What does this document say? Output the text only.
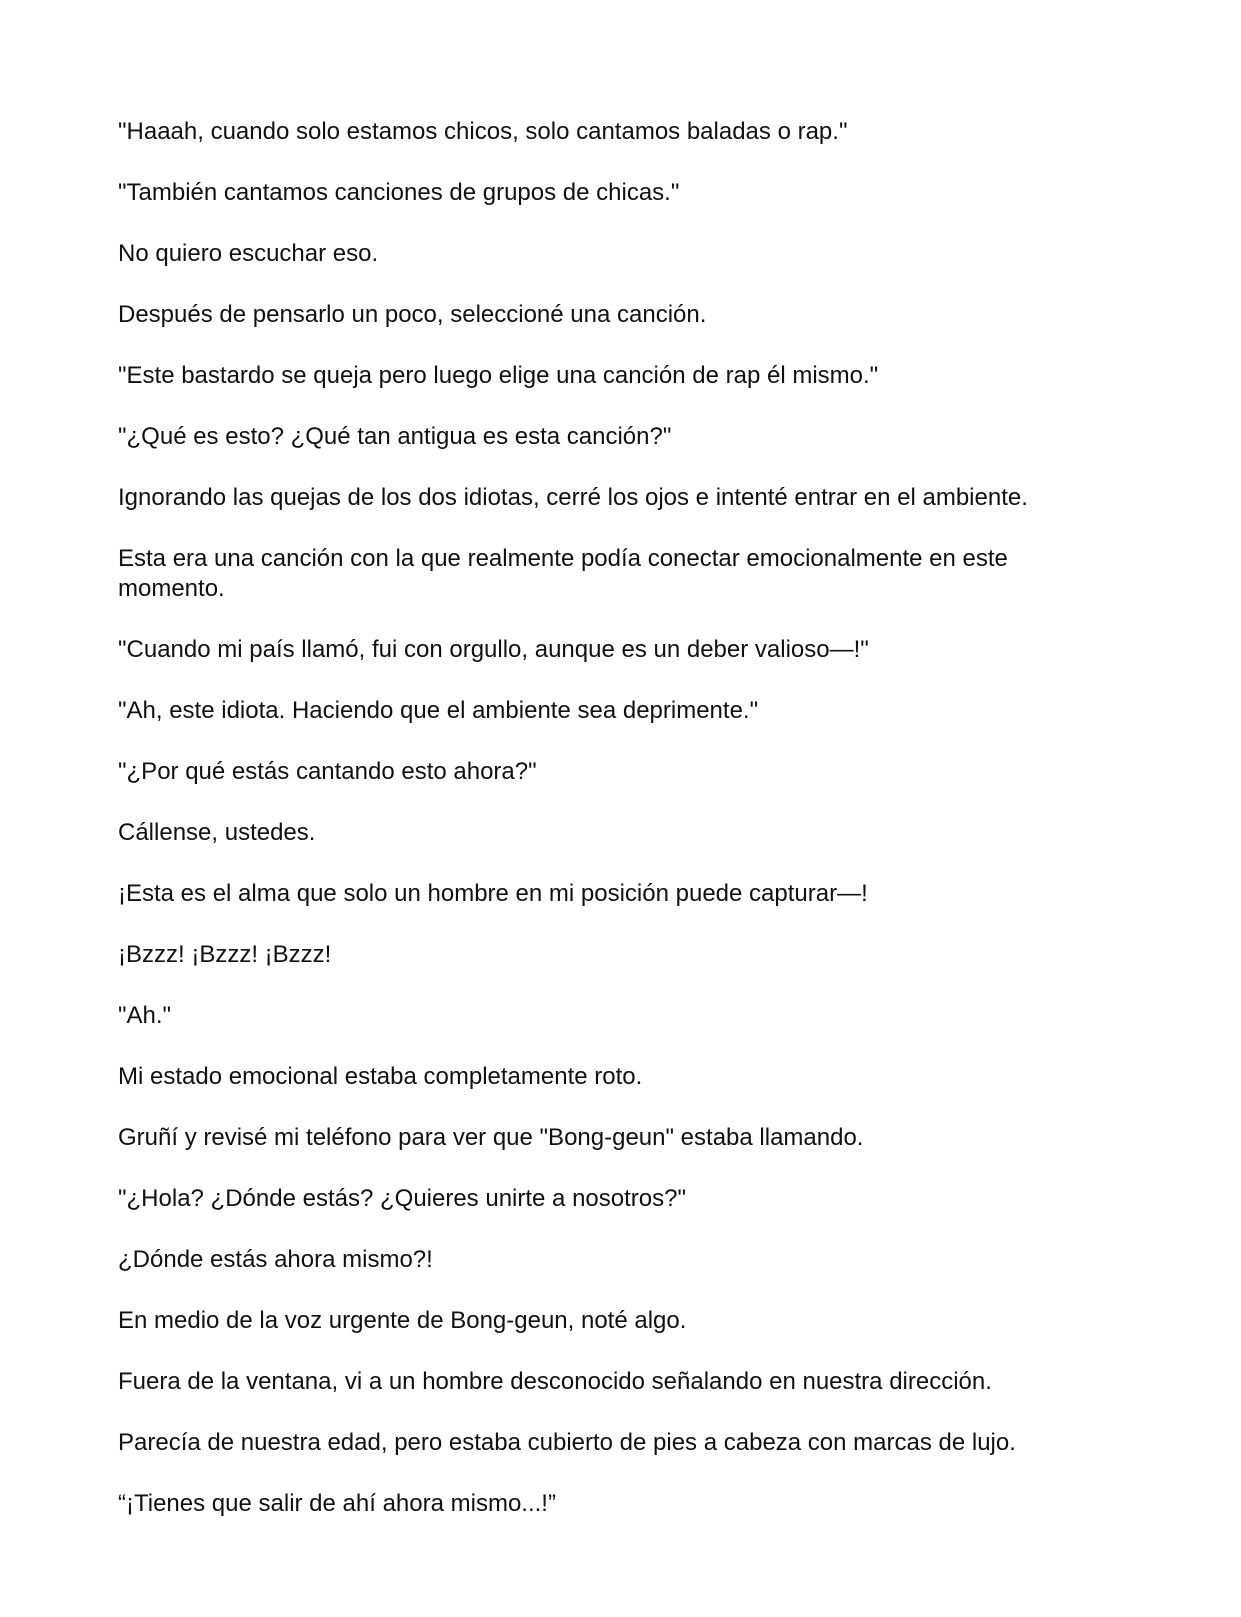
"Haaah, cuando solo estamos chicos, solo cantamos baladas o rap."

"También cantamos canciones de grupos de chicas."

No quiero escuchar eso.

Después de pensarlo un poco, seleccioné una canción.

"Este bastardo se queja pero luego elige una canción de rap él mismo."

"¿Qué es esto? ¿Qué tan antigua es esta canción?"

Ignorando las quejas de los dos idiotas, cerré los ojos e intenté entrar en el ambiente.

Esta era una canción con la que realmente podía conectar emocionalmente en este momento.

"Cuando mi país llamó, fui con orgullo, aunque es un deber valioso—!"

"Ah, este idiota. Haciendo que el ambiente sea deprimente."

"¿Por qué estás cantando esto ahora?"

Cállense, ustedes.

¡Esta es el alma que solo un hombre en mi posición puede capturar—!

¡Bzzz! ¡Bzzz! ¡Bzzz!

"Ah."

Mi estado emocional estaba completamente roto.

Gruñí y revisé mi teléfono para ver que "Bong-geun" estaba llamando.

"¿Hola? ¿Dónde estás? ¿Quieres unirte a nosotros?"

¿Dónde estás ahora mismo?!

En medio de la voz urgente de Bong-geun, noté algo.

Fuera de la ventana, vi a un hombre desconocido señalando en nuestra dirección.

Parecía de nuestra edad, pero estaba cubierto de pies a cabeza con marcas de lujo.

“¡Tienes que salir de ahí ahora mismo...!”
